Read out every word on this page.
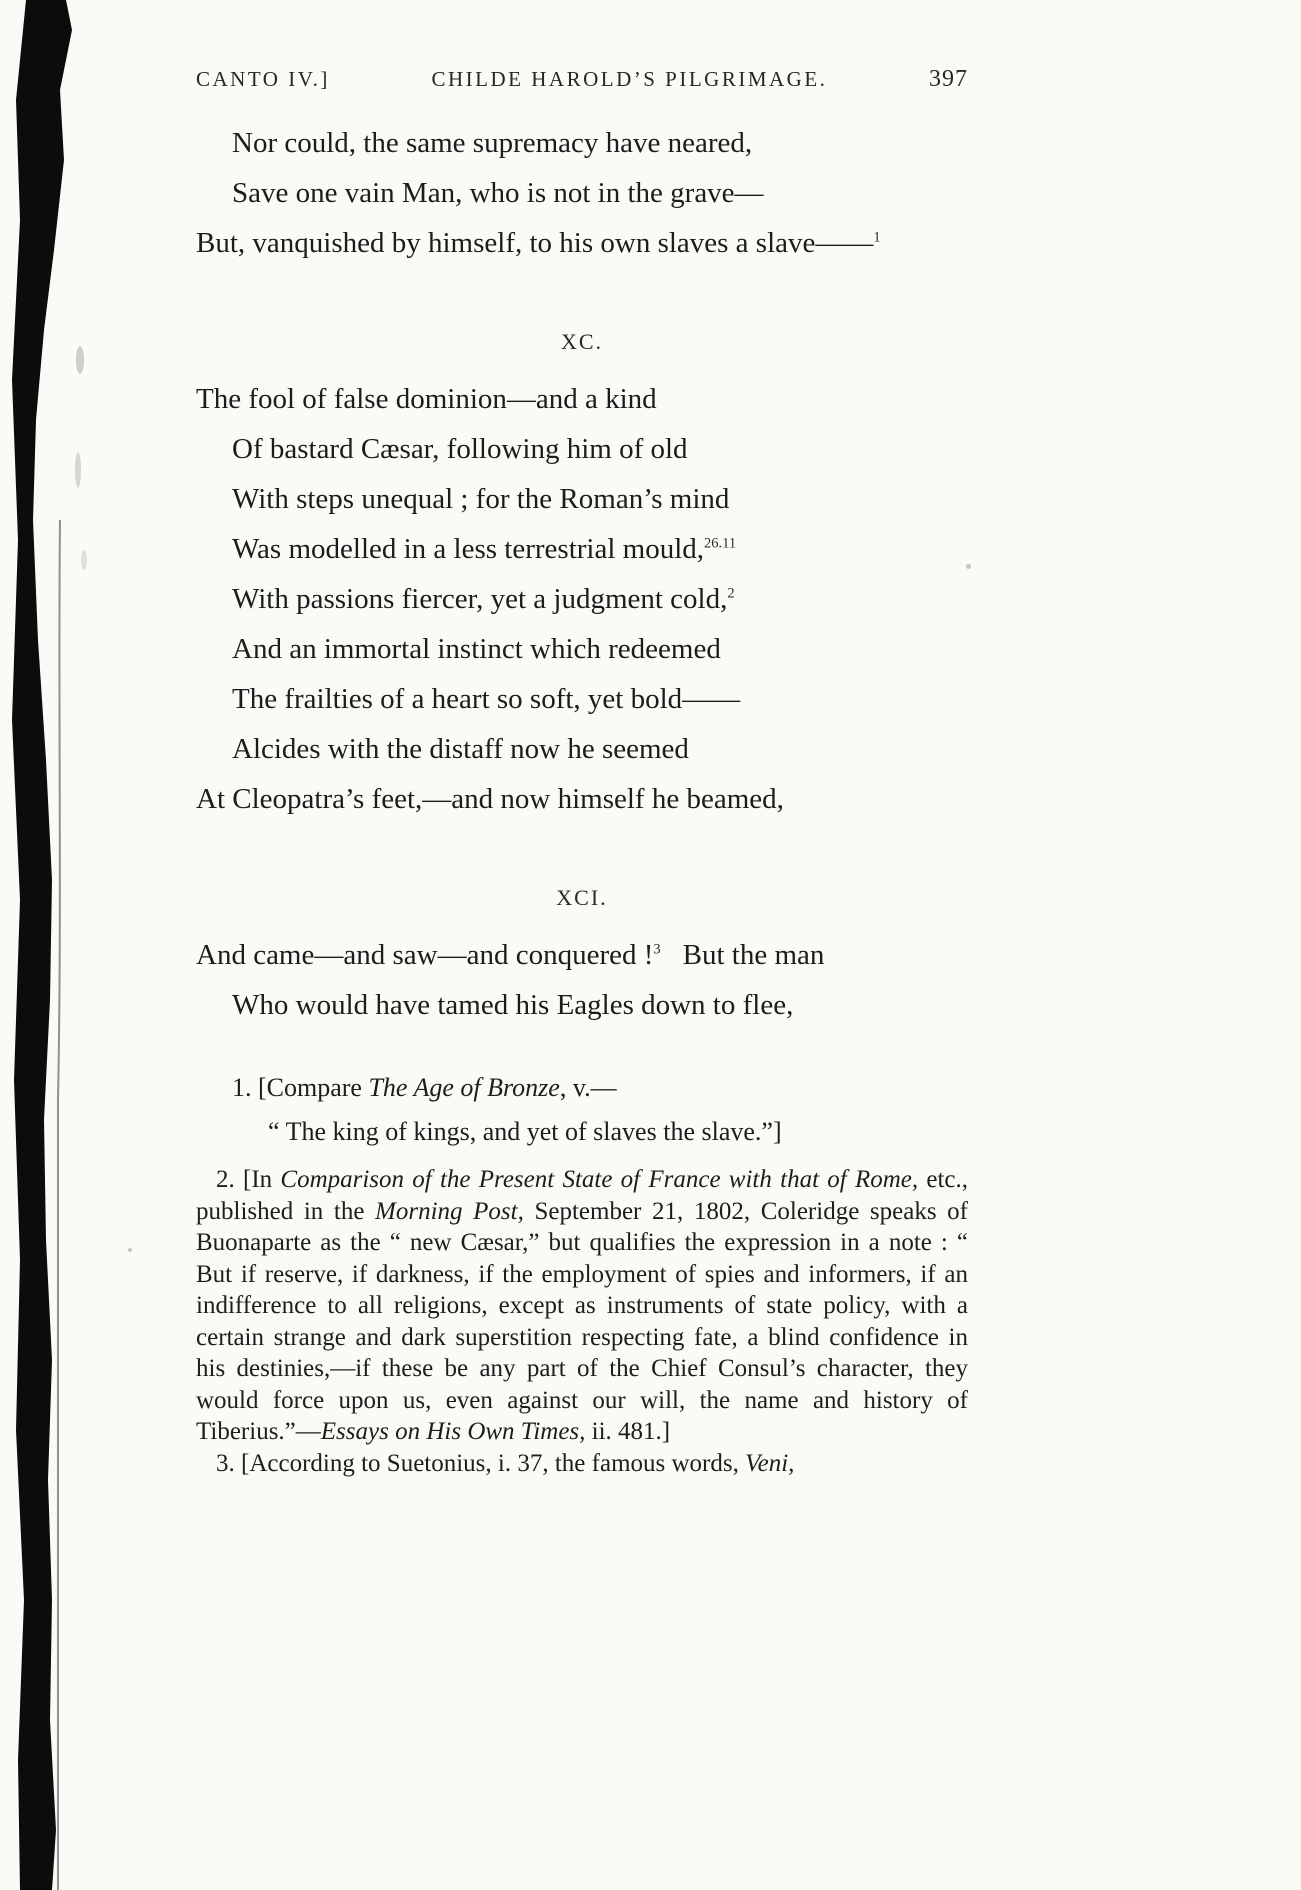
CANTO IV.]	CHILDE HAROLD’S PILGRIMAGE.	397
Nor could, the same supremacy have neared,
Save one vain Man, who is not in the grave—
But, vanquished by himself, to his own slaves a slave——$^1$
XC.
The fool of false dominion—and a kind
Of bastard Cæsar, following him of old
With steps unequal ; for the Roman’s mind
Was modelled in a less terrestrial mould,$^{26.11}$
With passions fiercer, yet a judgment cold,$^2$
And an immortal instinct which redeemed
The frailties of a heart so soft, yet bold——
Alcides with the distaff now he seemed
At Cleopatra’s feet,—and now himself he beamed,
XCI.
And came—and saw—and conquered !$^3$ But the man
Who would have tamed his Eagles down to flee,
1. [Compare The Age of Bronze, v.—
“ The king of kings, and yet of slaves the slave.”]
2. [In Comparison of the Present State of France with that of Rome, etc., published in the Morning Post, September 21, 1802, Coleridge speaks of Buonaparte as the “ new Cæsar,” but qualifies the expression in a note : “ But if reserve, if darkness, if the employment of spies and informers, if an indifference to all religions, except as instruments of state policy, with a certain strange and dark superstition respecting fate, a blind confidence in his destinies,—if these be any part of the Chief Consul’s character, they would force upon us, even against our will, the name and history of Tiberius.”—Essays on His Own Times, ii. 481.]
3. [According to Suetonius, i. 37, the famous words, Veni,
